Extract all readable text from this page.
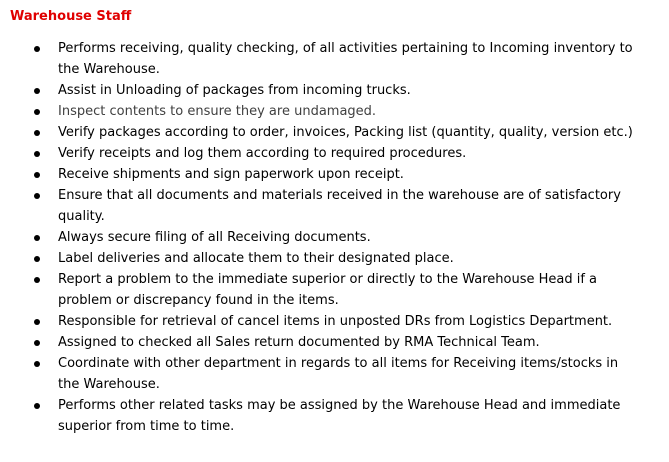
Warehouse Staff
Performs receiving, quality checking, of all activities pertaining to Incoming inventory to the Warehouse.
Assist in Unloading of packages from incoming trucks.
Inspect contents to ensure they are undamaged.
Verify packages according to order, invoices, Packing list (quantity, quality, version etc.)
Verify receipts and log them according to required procedures.
Receive shipments and sign paperwork upon receipt.
Ensure that all documents and materials received in the warehouse are of satisfactory quality.
Always secure filing of all Receiving documents.
Label deliveries and allocate them to their designated place.
Report a problem to the immediate superior or directly to the Warehouse Head if a problem or discrepancy found in the items.
Responsible for retrieval of cancel items in unposted DRs from Logistics Department.
Assigned to checked all Sales return documented by RMA Technical Team.
Coordinate with other department in regards to all items for Receiving items/stocks in the Warehouse.
Performs other related tasks may be assigned by the Warehouse Head and immediate superior from time to time.
